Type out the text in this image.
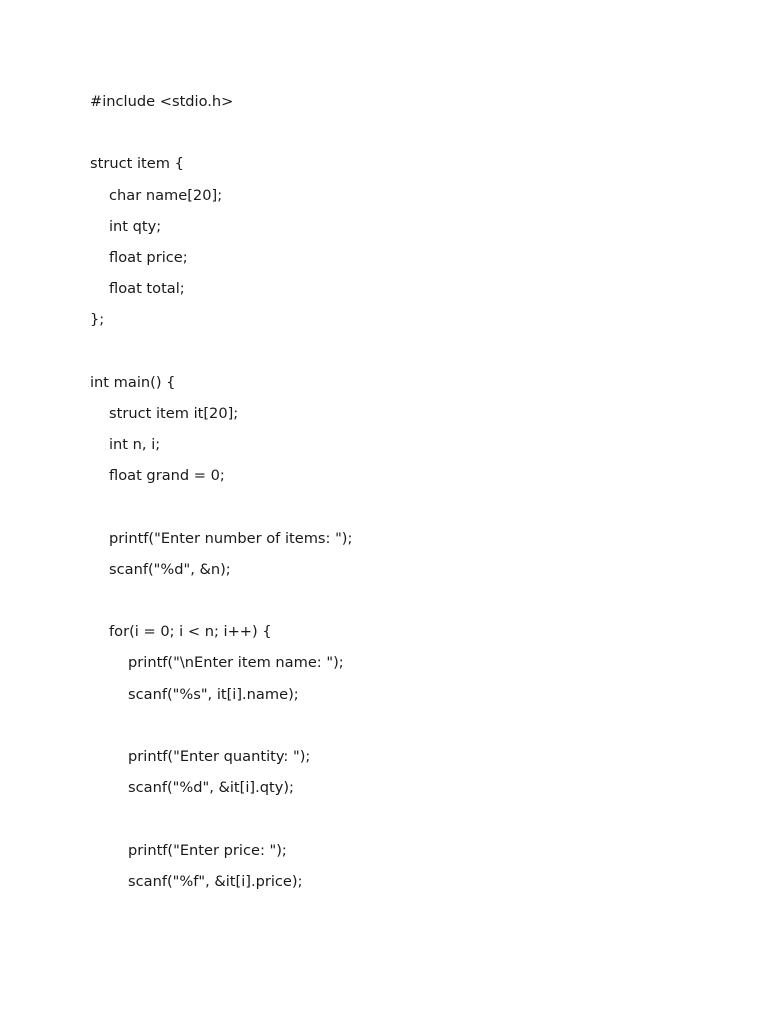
#include <stdio.h>
struct item {
char name[20];
int qty;
float price;
float total;
};
int main() {
struct item it[20];
int n, i;
float grand = 0;
printf("Enter number of items: ");
scanf("%d", &n);
for(i = 0; i < n; i++) {
printf("\nEnter item name: ");
scanf("%s", it[i].name);
printf("Enter quantity: ");
scanf("%d", &it[i].qty);
printf("Enter price: ");
scanf("%f", &it[i].price);
